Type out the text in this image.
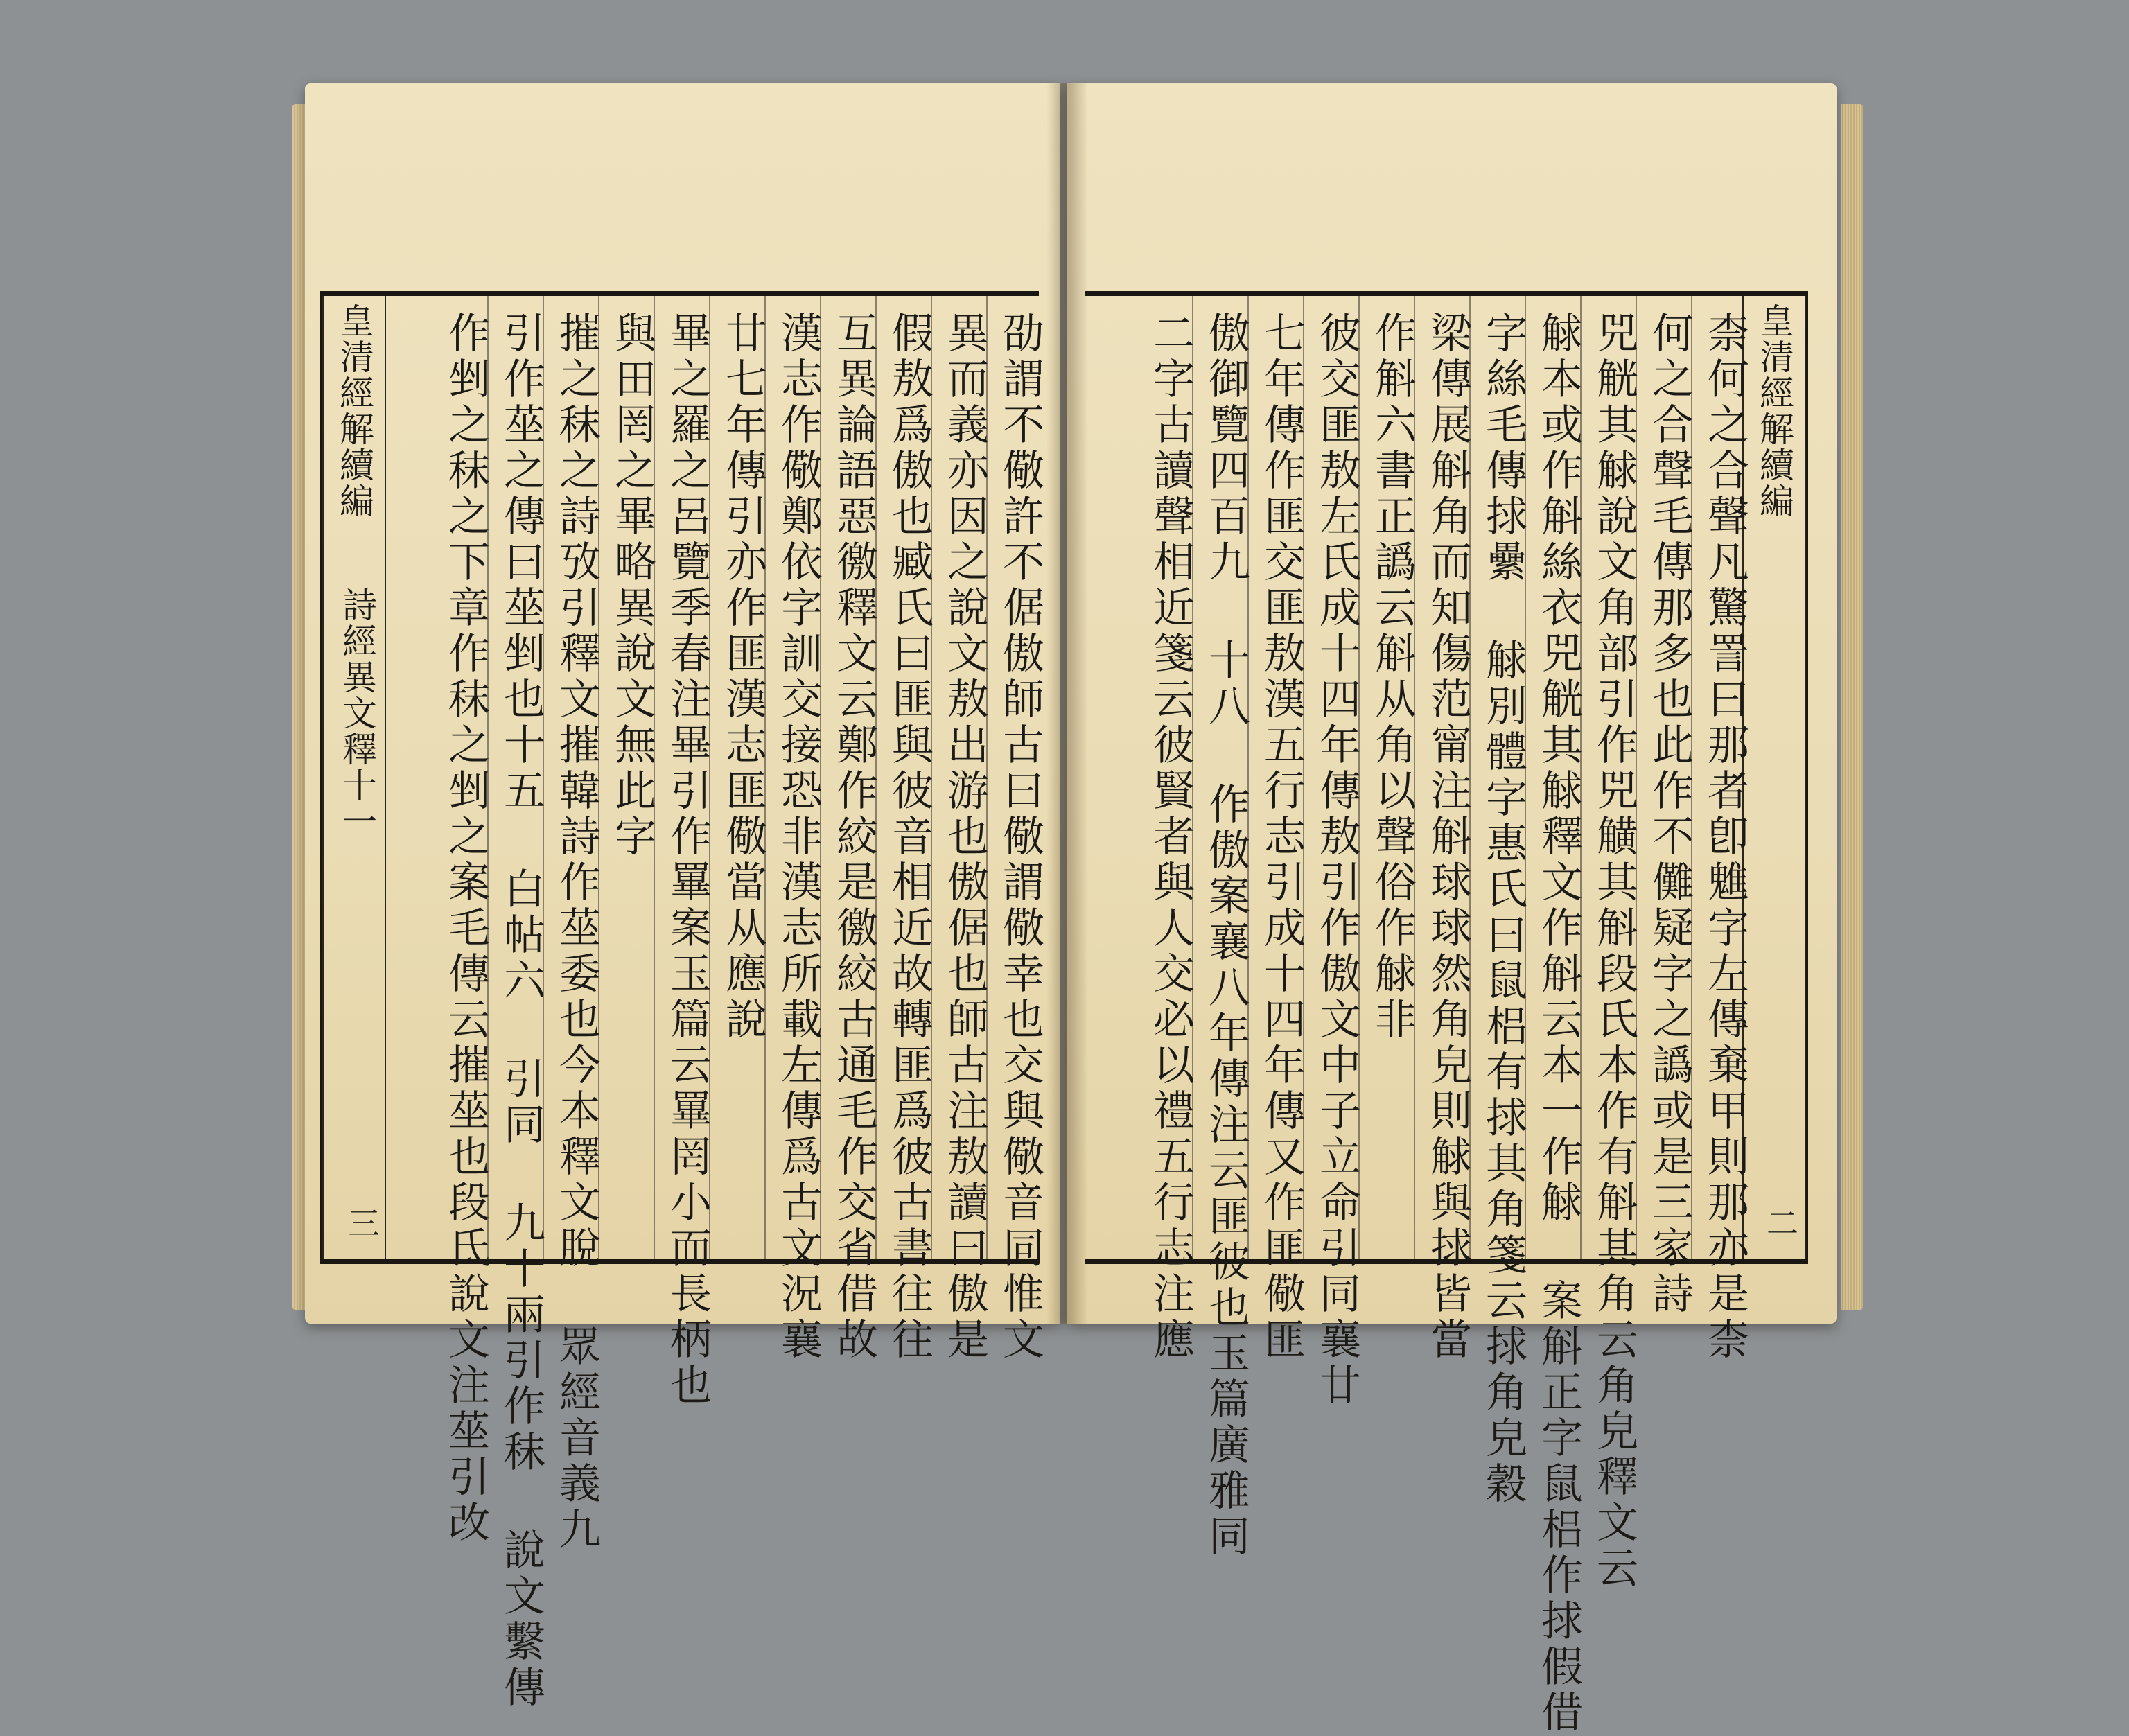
劭謂不儆許不倨傲師古曰儆謂儆幸也交與儆音同惟文
異而義亦因之說文敖出游也傲倨也師古注敖讀曰傲是
假敖爲傲也臧氏曰匪與彼音相近故轉匪爲彼古書往往
互異論語惡徼釋文云鄭作絞是徼絞古通毛作交省借故
漢志作儆鄭依字訓交接恐非漢志所載左傳爲古文況襄
廿七年傳引亦作匪漢志匪儆當从應說
畢之羅之呂覽季春注畢引作罼案玉篇云罼罔小而長柄也
與田罔之畢略異說文無此字
摧之秣之詩攷引釋文摧韓詩作莝委也今本釋文脫 眾經音義九
引作莝之傳曰莝剉也十五 白帖六 引同 九十兩引作秣 說文繫傳
作剉之秣之下章作秣之剉之案毛傳云摧莝也段氏說文注莝引改
皇清經解續編
詩經異文釋十一
三
皇清經解續編
二
柰何之合聲凡驚詈曰那者卽魋字左傳棄甲則那亦是柰
何之合聲毛傳那多也此作不儺疑字之譌或是三家詩
兕觥其觩說文角部引作兕觵其斛段氏本作有斛其角云角皃釋文云
觩本或作斛絲衣兕觥其觩釋文作斛云本一作觩 案斛正字鼠梠作捄假借
字絲毛傳捄纍 觩別體字惠氏曰鼠梠有捄其角箋云捄角皃穀
梁傳展斛角而知傷范甯注斛球球然角皃則觩與捄皆當
作斛六書正譌云斛从角以聲俗作觩非
彼交匪敖左氏成十四年傳敖引作傲文中子立命引同襄廿
七年傳作匪交匪敖漢五行志引成十四年傳又作匪儆匪
傲御覽四百九 十八 作傲案襄八年傳注云匪彼也玉篇廣雅同
二字古讀聲相近箋云彼賢者與人交必以禮五行志注應
